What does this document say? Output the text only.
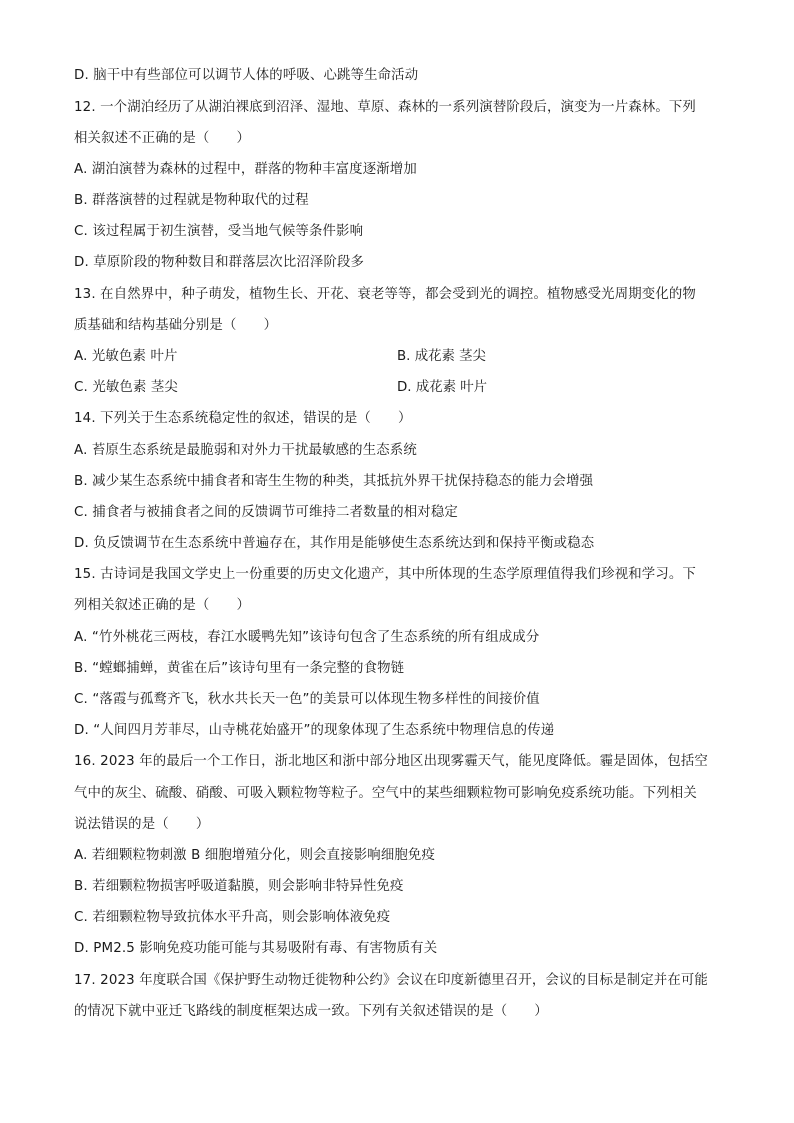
D. 脑干中有些部位可以调节人体的呼吸、心跳等生命活动
12. 一个湖泊经历了从湖泊裸底到沼泽、湿地、草原、森林的一系列演替阶段后，演变为一片森林。下列
相关叙述不正确的是（　　）
A. 湖泊演替为森林的过程中，群落的物种丰富度逐渐增加
B. 群落演替的过程就是物种取代的过程
C. 该过程属于初生演替，受当地气候等条件影响
D. 草原阶段的物种数目和群落层次比沼泽阶段多
13. 在自然界中，种子萌发，植物生长、开花、衰老等等，都会受到光的调控。植物感受光周期变化的物
质基础和结构基础分别是（　　）
A. 光敏色素 叶片
C. 光敏色素 茎尖
14. 下列关于生态系统稳定性的叙述，错误的是（　　）
A. 苔原生态系统是最脆弱和对外力干扰最敏感的生态系统
B. 减少某生态系统中捕食者和寄生生物的种类，其抵抗外界干扰保持稳态的能力会增强
C. 捕食者与被捕食者之间的反馈调节可维持二者数量的相对稳定
D. 负反馈调节在生态系统中普遍存在，其作用是能够使生态系统达到和保持平衡或稳态
15. 古诗词是我国文学史上一份重要的历史文化遗产，其中所体现的生态学原理值得我们珍视和学习。下
列相关叙述正确的是（　　）
A. “竹外桃花三两枝，春江水暖鸭先知”该诗句包含了生态系统的所有组成成分
B. “螳螂捕蝉，黄雀在后”该诗句里有一条完整的食物链
C. “落霞与孤鹜齐飞，秋水共长天一色”的美景可以体现生物多样性的间接价值
D. “人间四月芳菲尽，山寺桃花始盛开”的现象体现了生态系统中物理信息的传递
16. 2023 年的最后一个工作日，浙北地区和浙中部分地区出现雾霾天气，能见度降低。霾是固体，包括空
气中的灰尘、硫酸、硝酸、可吸入颗粒物等粒子。空气中的某些细颗粒物可影响免疫系统功能。下列相关
说法错误的是（　　）
A. 若细颗粒物刺激 B 细胞增殖分化，则会直接影响细胞免疫
B. 若细颗粒物损害呼吸道黏膜，则会影响非特异性免疫
C. 若细颗粒物导致抗体水平升高，则会影响体液免疫
D. PM2.5 影响免疫功能可能与其易吸附有毒、有害物质有关
17. 2023 年度联合国《保护野生动物迁徙物种公约》会议在印度新德里召开，会议的目标是制定并在可能
的情况下就中亚迁飞路线的制度框架达成一致。下列有关叙述错误的是（　　）
B. 成花素 茎尖
D. 成花素 叶片
